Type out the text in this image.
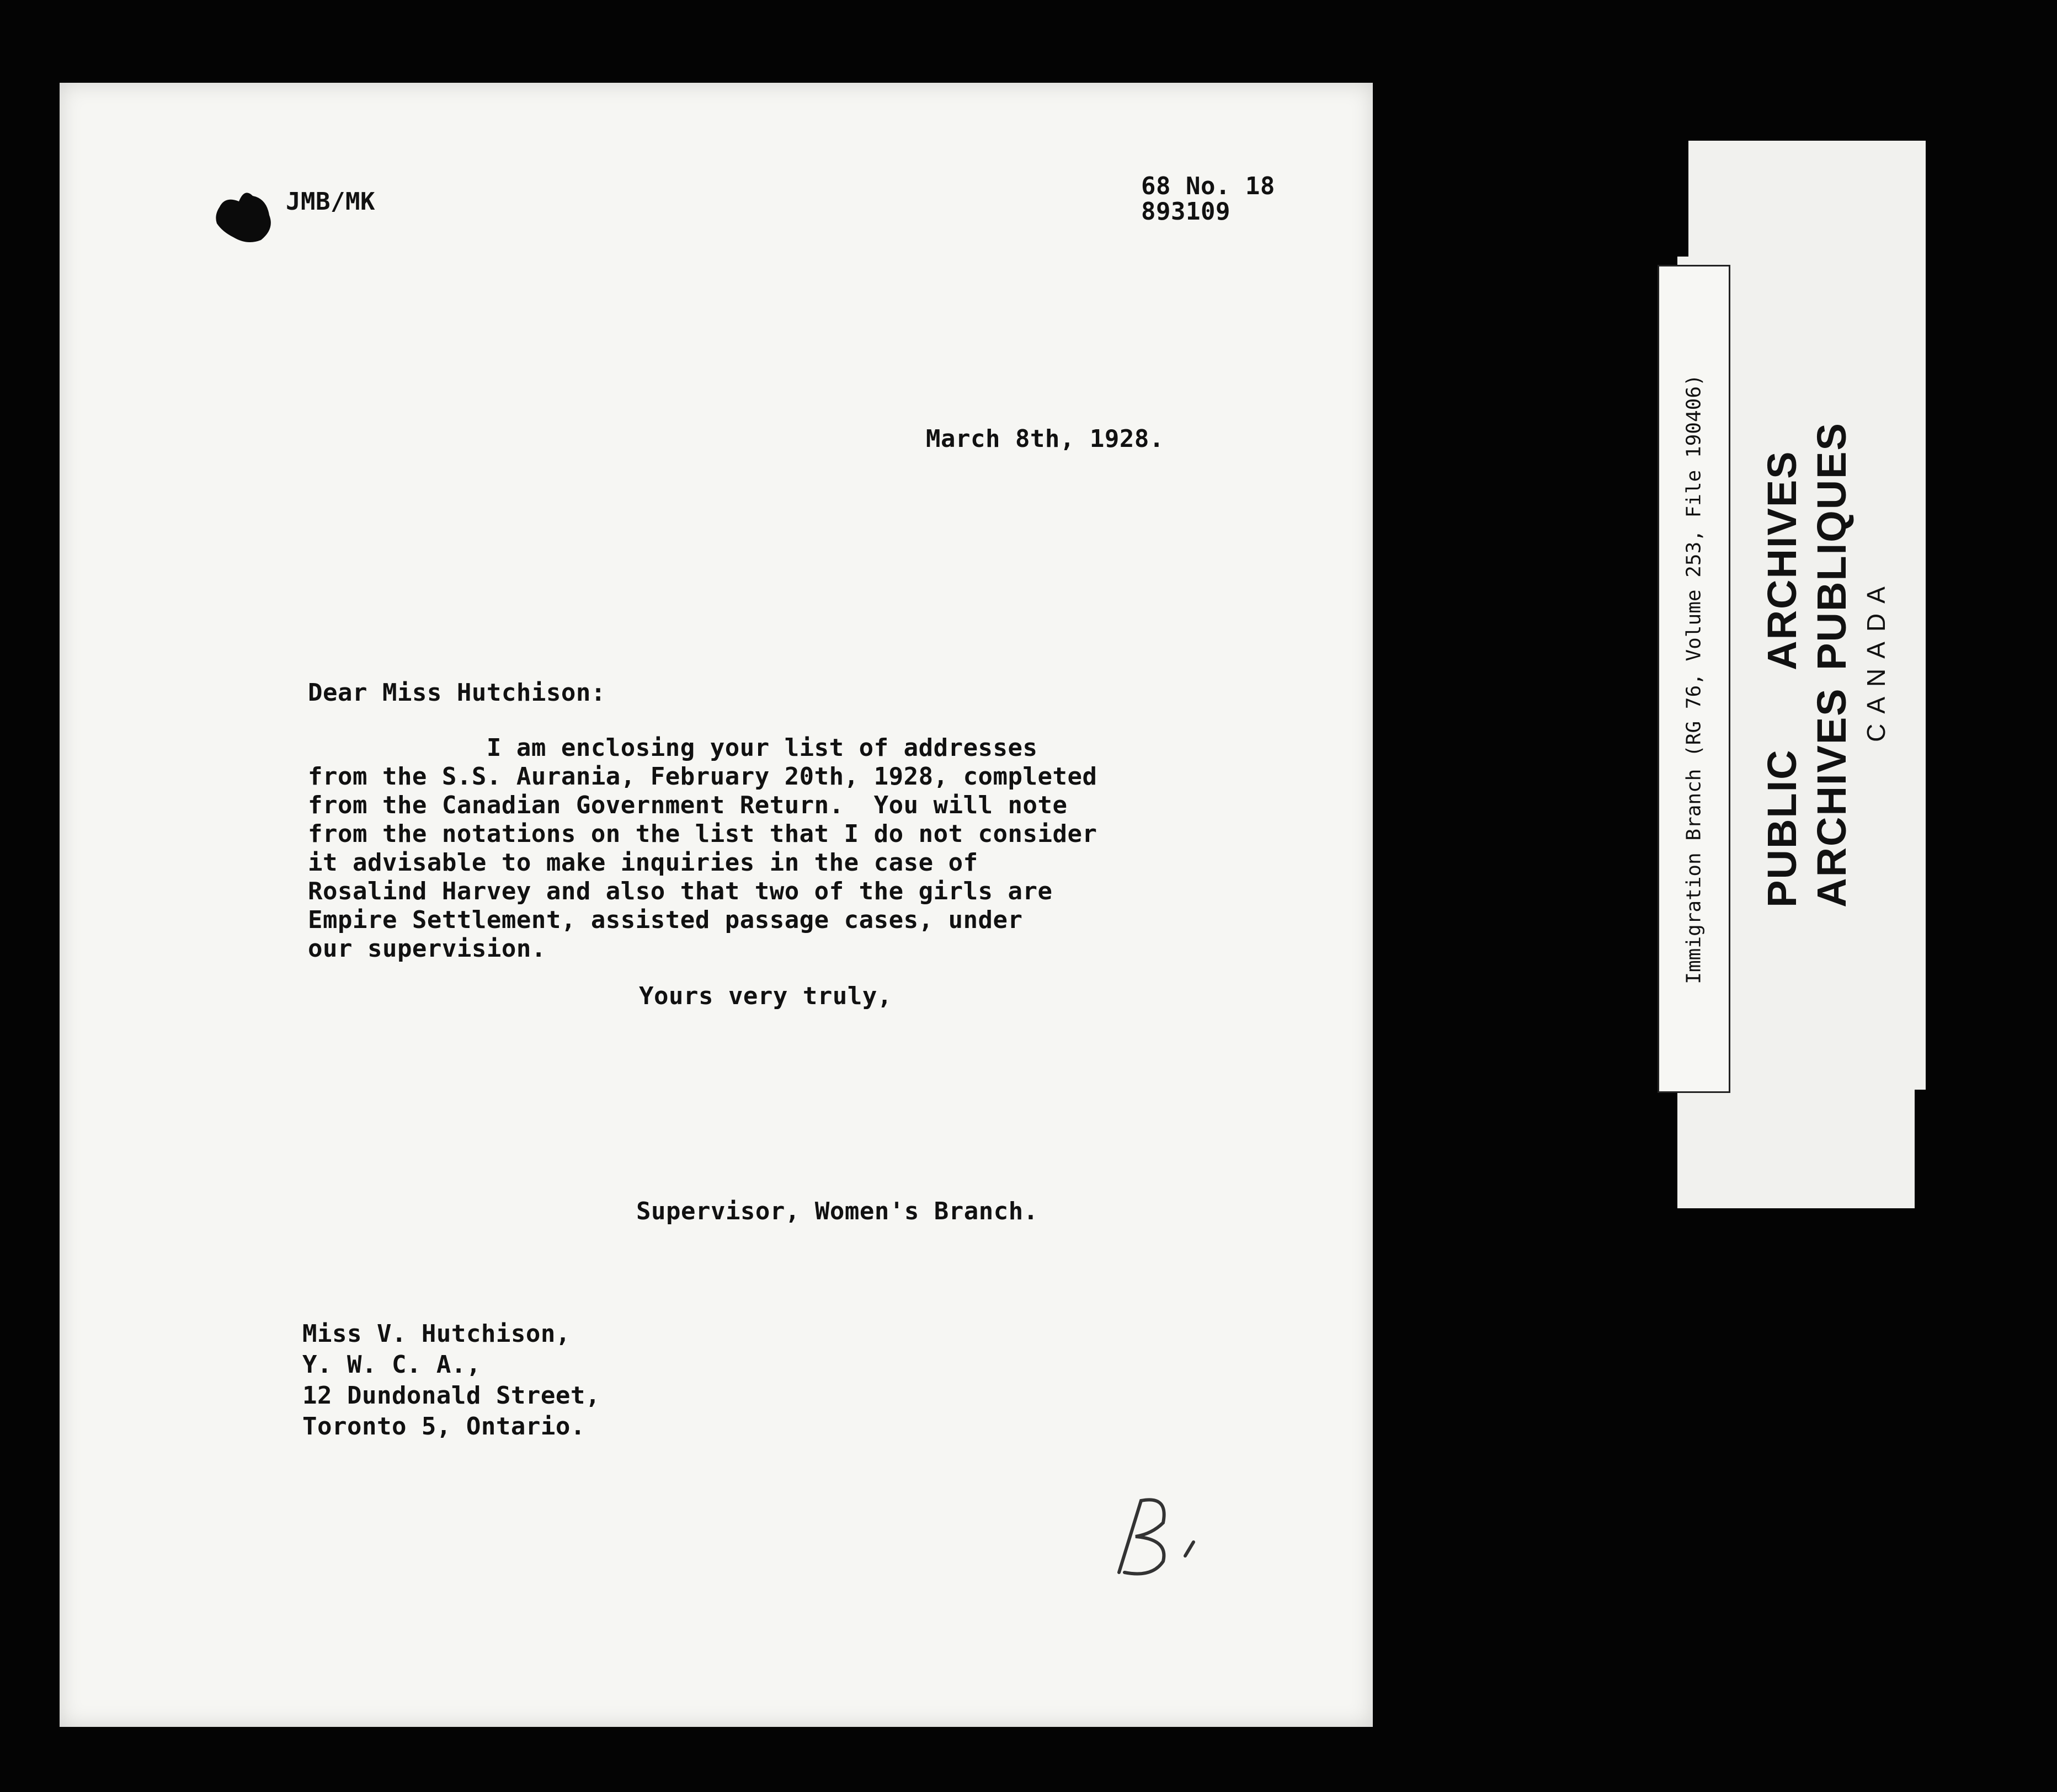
JMB/MK
68 No. 18
893109
March 8th, 1928.
Dear Miss Hutchison:
I am enclosing your list of addresses
from the S.S. Aurania, February 20th, 1928, completed
from the Canadian Government Return.  You will note
from the notations on the list that I do not consider
it advisable to make inquiries in the case of
Rosalind Harvey and also that two of the girls are
Empire Settlement, assisted passage cases, under
our supervision.
Yours very truly,
Supervisor, Women's Branch.
Miss V. Hutchison,
Y. W. C. A.,
12 Dundonald Street,
Toronto 5, Ontario.
Immigration Branch (RG 76, Volume 253, File 190406) PUBLICARCHIVES
ARCHIVESPUBLIQUES CANADA
